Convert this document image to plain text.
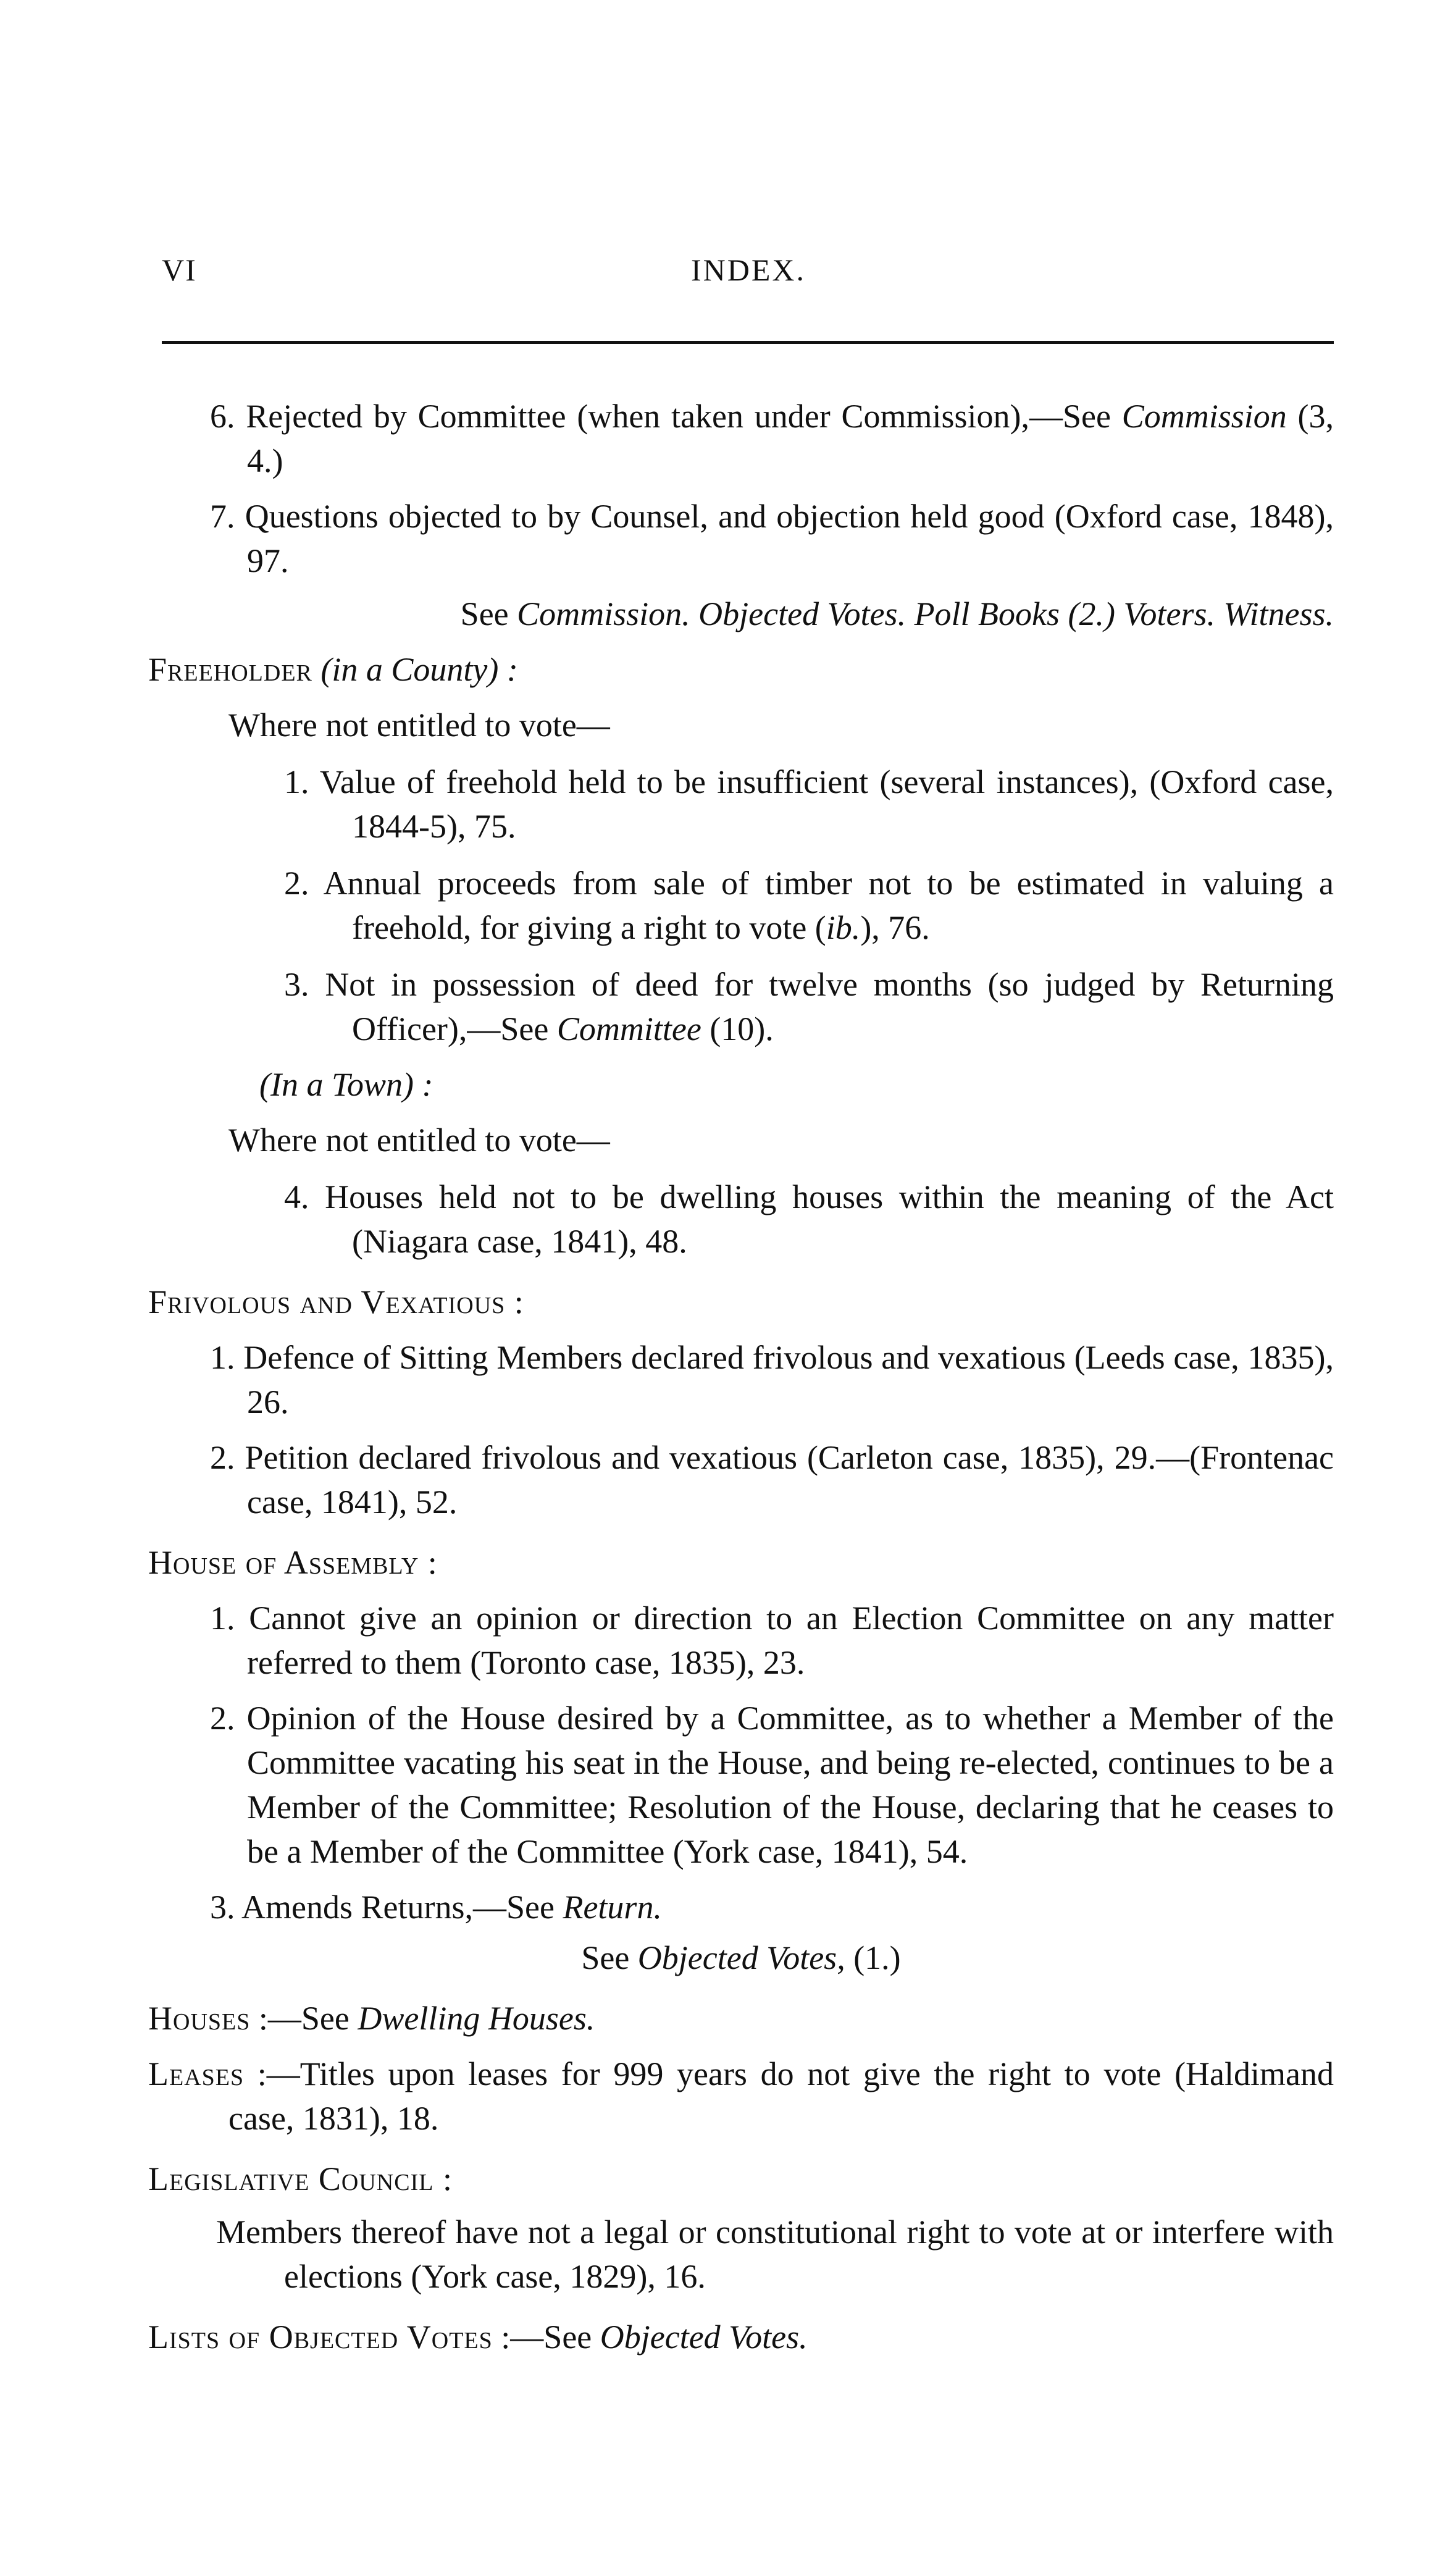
VI	INDEX.
6. Rejected by Committee (when taken under Commission),—See Commission (3, 4.)
7. Questions objected to by Counsel, and objection held good (Oxford case, 1848), 97.
See Commission. Objected Votes. Poll Books (2.) Voters. Witness.
Freeholder (in a County) :
Where not entitled to vote—
1. Value of freehold held to be insufficient (several instances), (Oxford case, 1844-5), 75.
2. Annual proceeds from sale of timber not to be estimated in valuing a freehold, for giving a right to vote (ib.), 76.
3. Not in possession of deed for twelve months (so judged by Returning Officer),—See Committee (10).
(In a Town) :
Where not entitled to vote—
4. Houses held not to be dwelling houses within the meaning of the Act (Niagara case, 1841), 48.
Frivolous and Vexatious :
1. Defence of Sitting Members declared frivolous and vexatious (Leeds case, 1835), 26.
2. Petition declared frivolous and vexatious (Carleton case, 1835), 29.—(Frontenac case, 1841), 52.
House of Assembly :
1. Cannot give an opinion or direction to an Election Committee on any matter referred to them (Toronto case, 1835), 23.
2. Opinion of the House desired by a Committee, as to whether a Member of the Committee vacating his seat in the House, and being re-elected, continues to be a Member of the Committee; Resolution of the House, declaring that he ceases to be a Member of the Committee (York case, 1841), 54.
3. Amends Returns,—See Return.
See Objected Votes, (1.)
Houses :—See Dwelling Houses.
Leases :—Titles upon leases for 999 years do not give the right to vote (Haldimand case, 1831), 18.
Legislative Council :
Members thereof have not a legal or constitutional right to vote at or interfere with elections (York case, 1829), 16.
Lists of Objected Votes :—See Objected Votes.
